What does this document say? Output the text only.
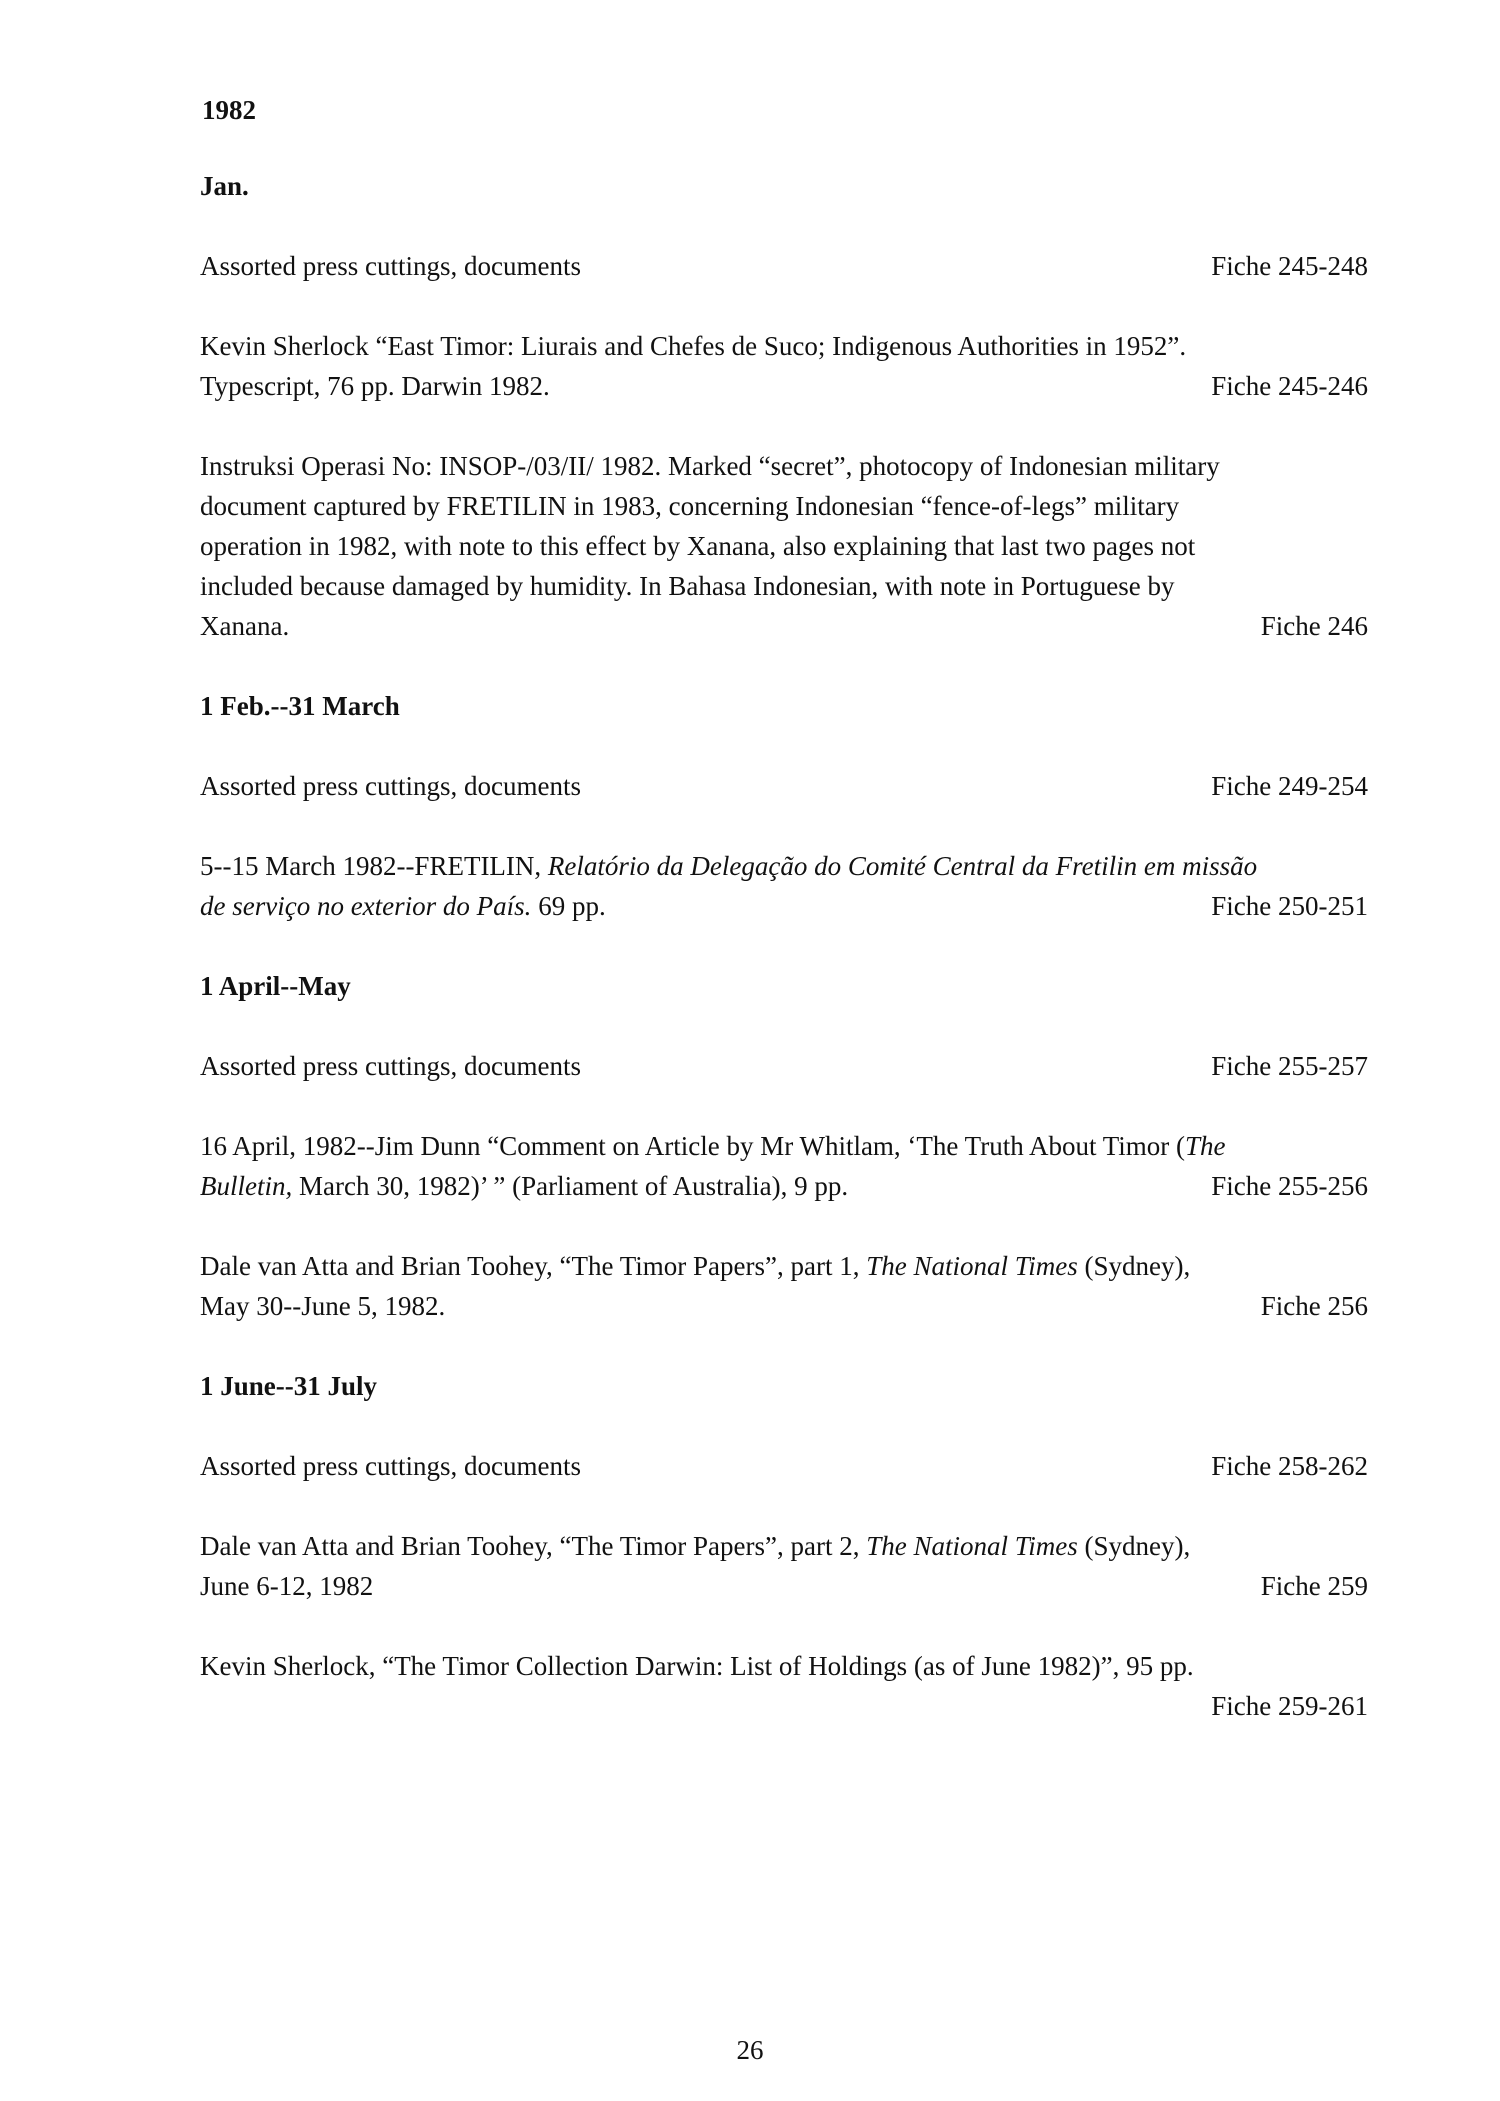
1982
Jan.
Assorted press cuttings, documents	Fiche 245-248
Kevin Sherlock “East Timor: Liurais and Chefes de Suco; Indigenous Authorities in 1952”.
Typescript, 76 pp. Darwin 1982.	Fiche 245-246
Instruksi Operasi No: INSOP-/03/II/ 1982. Marked “secret”, photocopy of Indonesian military
document captured by FRETILIN in 1983, concerning Indonesian “fence-of-legs” military
operation in 1982, with note to this effect by Xanana, also explaining that last two pages not
included because damaged by humidity. In Bahasa Indonesian, with note in Portuguese by
Xanana.	Fiche 246
1 Feb.--31 March
Assorted press cuttings, documents	Fiche 249-254
5--15 March 1982--FRETILIN, Relatório da Delegação do Comité Central da Fretilin em missão
de serviço no exterior do País. 69 pp.	Fiche 250-251
1 April--May
Assorted press cuttings, documents	Fiche 255-257
16 April, 1982--Jim Dunn “Comment on Article by Mr Whitlam, ‘The Truth About Timor (The
Bulletin, March 30, 1982)’ ” (Parliament of Australia), 9 pp.	Fiche 255-256
Dale van Atta and Brian Toohey, “The Timor Papers”, part 1, The National Times (Sydney),
May 30--June 5, 1982.	Fiche 256
1 June--31 July
Assorted press cuttings, documents	Fiche 258-262
Dale van Atta and Brian Toohey, “The Timor Papers”, part 2, The National Times (Sydney),
June 6-12, 1982	Fiche 259
Kevin Sherlock, “The Timor Collection Darwin: List of Holdings (as of June 1982)”, 95 pp.
Fiche 259-261
26
